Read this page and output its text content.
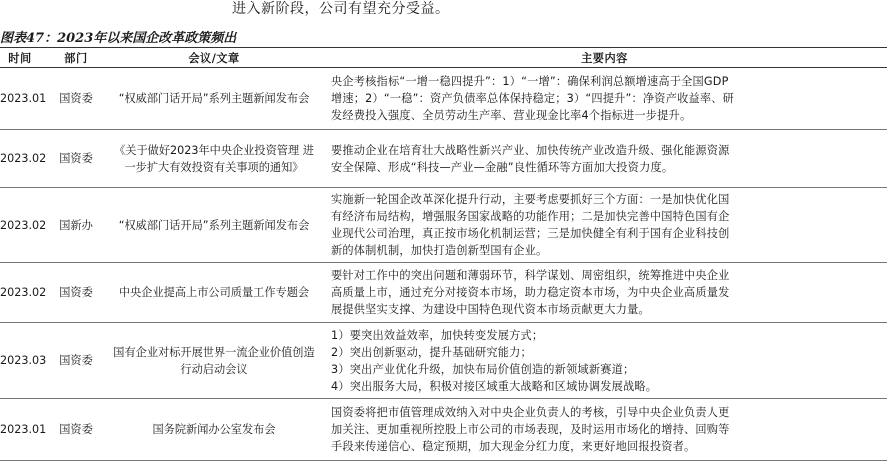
进入新阶段，公司有望充分受益。
图表47：2023年以来国企改革政策频出
时间	部门	会议/文章	主要内容
2023.01	国资委	“权威部门话开局”系列主题新闻发布会	央企考核指标“一增一稳四提升”：1）“一增”：确保利润总额增速高于全国GDP
增速；2）“一稳”：资产负债率总体保持稳定；3）“四提升”：净资产收益率、研
发经费投入强度、全员劳动生产率、营业现金比率4个指标进一步提升。

2023.02	国资委	《关于做好2023年中央企业投资管理 进一步扩大有效投资有关事项的通知》	要推动企业在培育壮大战略性新兴产业、加快传统产业改造升级、强化能源资源
安全保障、形成“科技—产业—金融”良性循环等方面加大投资力度。

2023.02	国新办	“权威部门话开局”系列主题新闻发布会	实施新一轮国企改革深化提升行动，主要考虑要抓好三个方面：一是加快优化国
有经济布局结构，增强服务国家战略的功能作用；二是加快完善中国特色国有企
业现代公司治理，真正按市场化机制运营；三是加快健全有利于国有企业科技创
新的体制机制，加快打造创新型国有企业。

2023.02	国资委	中央企业提高上市公司质量工作专题会	要针对工作中的突出问题和薄弱环节，科学谋划、周密组织，统筹推进中央企业
高质量上市，通过充分对接资本市场，助力稳定资本市场，为中央企业高质量发
展提供坚实支撑、为建设中国特色现代资本市场贡献更大力量。

2023.03	国资委	国有企业对标开展世界一流企业价值创造行动启动会议	1）要突出效益效率，加快转变发展方式；
2）突出创新驱动，提升基础研究能力；
3）突出产业优化升级，加快布局价值创造的新领域新赛道；
4）突出服务大局，积极对接区域重大战略和区域协调发展战略。

2023.01	国资委	国务院新闻办公室发布会	国资委将把市值管理成效纳入对中央企业负责人的考核，引导中央企业负责人更
加关注、更加重视所控股上市公司的市场表现，及时运用市场化的增持、回购等
手段来传递信心、稳定预期，加大现金分红力度，来更好地回报投资者。
